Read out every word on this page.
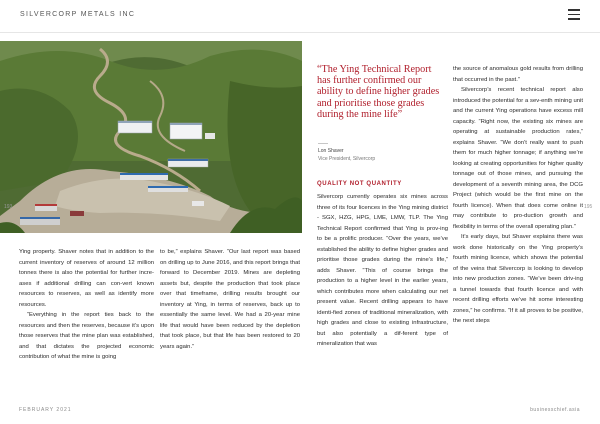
SILVERCORP METALS INC
193	195

Ying property. Shaver notes that in addition to the current inventory of reserves of around 12 million tonnes there is also the potential for further incre-ases if additional drilling can con-vert known resources to reserves, as well as identify more resources.

“Everything in the report ties back to the resources and then the reserves, because it’s upon those reserves that the mine plan was established, and that dictates the projected economic contribution of what the mine is going

to be,” explains Shaver. “Our last report was based on drilling up to June 2016, and this report brings that forward to December 2019. Mines are depleting assets but, despite the production that took place over that timeframe, drilling results brought our inventory at Ying, in terms of reserves, back up to essentially the same level. We had a 20-year mine life that would have been reduced by the depletion that took place, but that life has been restored to 20 years again.”

“The Ying Technical Report has further confirmed our ability to define higher grades and prioritise those grades during the mine life”
Lon Shaver
Vice President, Silvercorp
QUALITY NOT QUANTITY

Silvercorp currently operates six mines across three of its four licences in the Ying mining district - SGX, HZG, HPG, LME, LMW, TLP. The Ying Technical Report confirmed that Ying is prov-ing to be a prolific producer. “Over the years, we’ve established the ability to define higher grades and prioritise those grades during the mine’s life,” adds Shaver. “This of course brings the production to a higher level in the earlier years, which contributes more when calculating our net present value. Recent drilling appears to have identi-fied zones of traditional mineralization, with high grades and close to existing infrastructure, but also potentially a dif-ferent type of mineralization that was

the source of anomalous gold results from drilling that occurred in the past.”

Silvercorp’s recent technical report also introduced the potential for a sev-enth mining unit and the current Ying operations have excess mill capacity. “Right now, the existing six mines are operating at sustainable production rates,” explains Shaver. “We don’t really want to push them for much higher tonnage; if anything we’re looking at creating opportunities for higher quality tonnage out of those mines, and pursuing the development of a seventh mining area, the DCG Project (which would be the first mine on the fourth licence). When that does come online it may contribute to pro-duction growth and flexibility in terms of the overall operating plan.”

It’s early days, but Shaver explains there was work done historically on the Ying property’s fourth mining licence, which shows the potential of the veins that Silvercorp is looking to develop into new production zones. “We’ve been driv-ing a tunnel towards that fourth licence and with recent drilling efforts we’ve hit some interesting zones,” he confirms. “If it all proves to be positive, the next steps

FEBRUARY 2021	businesschief.asia
